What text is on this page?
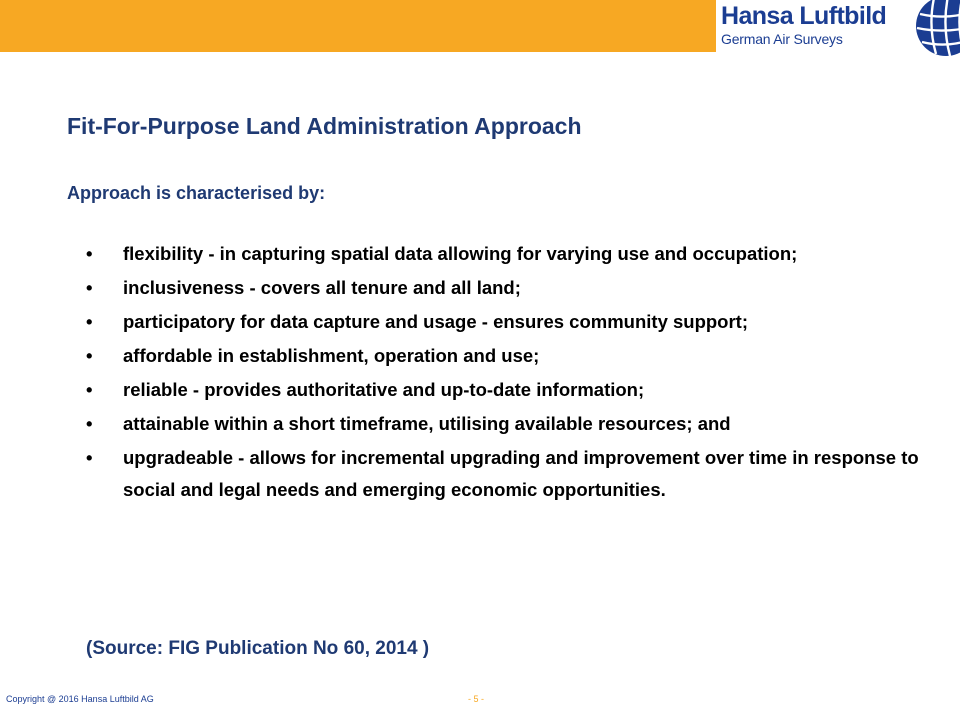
Hansa Luftbild
German Air Surveys
Fit-For-Purpose Land Administration Approach
Approach is characterised by:
• flexibility - in capturing spatial data allowing for varying use and occupation;
• inclusiveness - covers all tenure and all land;
• participatory for data capture and usage - ensures community support;
• affordable in establishment, operation and use;
• reliable - provides authoritative and up-to-date information;
• attainable within a short timeframe, utilising available resources; and
• upgradeable - allows for incremental upgrading and improvement over time in response to social and legal needs and emerging economic opportunities.
(Source: FIG Publication No 60, 2014 )
Copyright @ 2016 Hansa Luftbild AG	- 5 -
